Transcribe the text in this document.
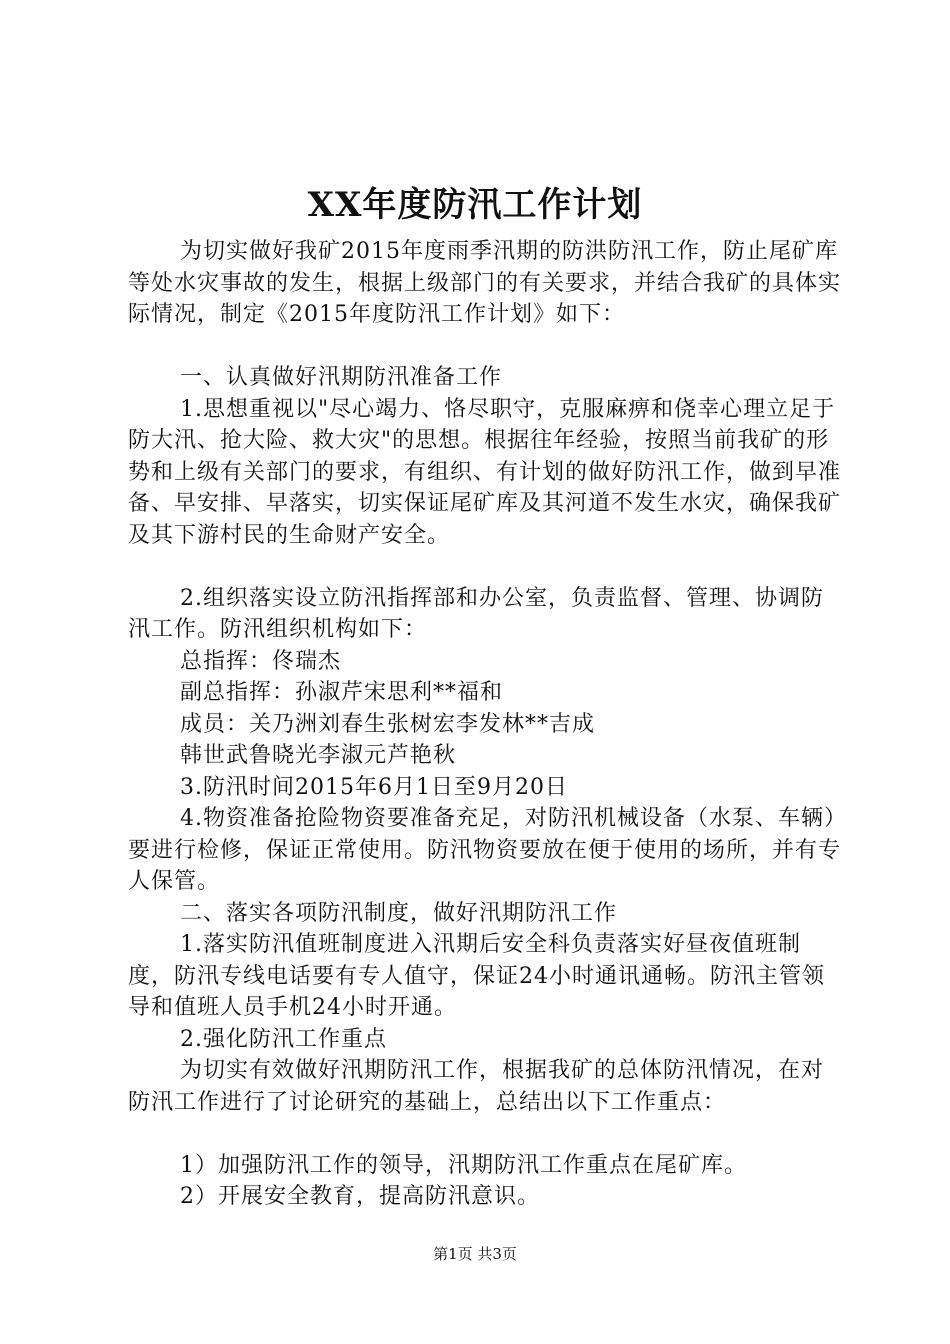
XX年度防汛工作计划

为切实做好我矿2015年度雨季汛期的防洪防汛工作，防止尾矿库等处水灾事故的发生，根据上级部门的有关要求，并结合我矿的具体实际情况，制定《2015年度防汛工作计划》如下：

一、认真做好汛期防汛准备工作

1.思想重视以"尽心竭力、恪尽职守，克服麻痹和侥幸心理立足于防大汛、抢大险、救大灾"的思想。根据往年经验，按照当前我矿的形势和上级有关部门的要求，有组织、有计划的做好防汛工作，做到早准备、早安排、早落实，切实保证尾矿库及其河道不发生水灾，确保我矿及其下游村民的生命财产安全。

2.组织落实设立防汛指挥部和办公室，负责监督、管理、协调防汛工作。防汛组织机构如下：

总指挥：佟瑞杰

副总指挥：孙淑芹宋思利**福和

成员：关乃洲刘春生张树宏李发林**吉成

韩世武鲁晓光李淑元芦艳秋

3.防汛时间2015年6月1日至9月20日

4.物资准备抢险物资要准备充足，对防汛机械设备（水泵、车辆）要进行检修，保证正常使用。防汛物资要放在便于使用的场所，并有专人保管。

二、落实各项防汛制度，做好汛期防汛工作

1.落实防汛值班制度进入汛期后安全科负责落实好昼夜值班制度，防汛专线电话要有专人值守，保证24小时通讯通畅。防汛主管领导和值班人员手机24小时开通。

2.强化防汛工作重点

为切实有效做好汛期防汛工作，根据我矿的总体防汛情况，在对防汛工作进行了讨论研究的基础上，总结出以下工作重点：

1）加强防汛工作的领导，汛期防汛工作重点在尾矿库。

2）开展安全教育，提高防汛意识。

第1页 共3页
